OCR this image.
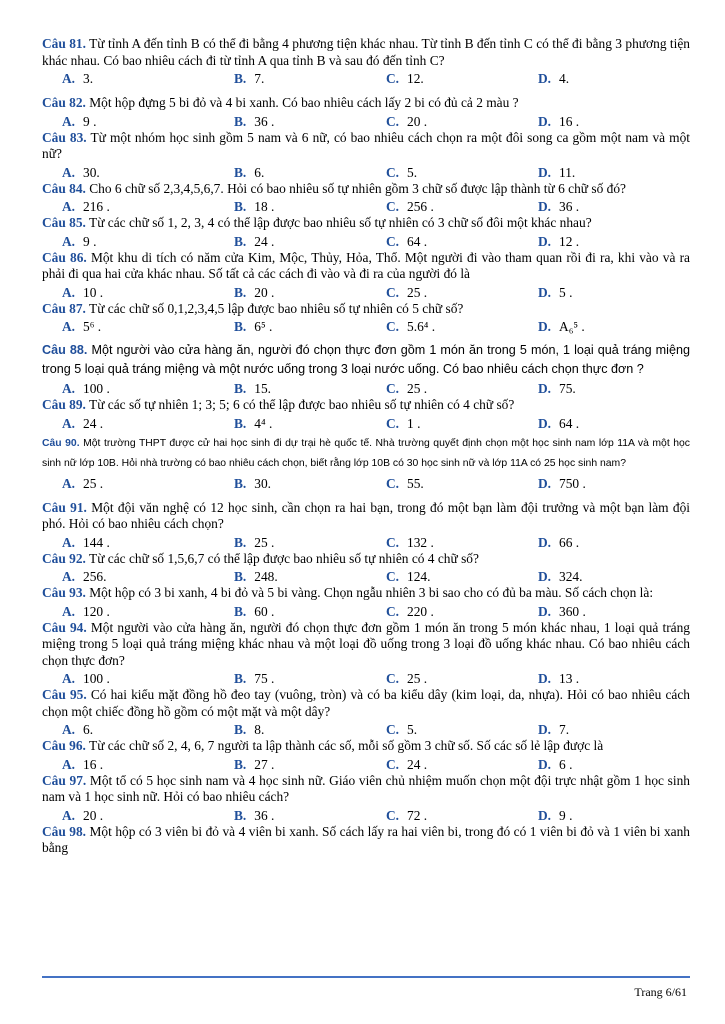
Câu 81. Từ tỉnh A đến tỉnh B có thể đi bằng 4 phương tiện khác nhau. Từ tỉnh B đến tỉnh C có thể đi bằng 3 phương tiện khác nhau. Có bao nhiêu cách đi từ tỉnh A qua tỉnh B và sau đó đến tỉnh C?
A. 3.	B. 7.	C. 12.	D. 4.
Câu 82. Một hộp đựng 5 bi đỏ và 4 bi xanh. Có bao nhiêu cách lấy 2 bi có đủ cả 2 màu ?
A. 9 .	B. 36 .	C. 20 .	D. 16 .
Câu 83. Từ một nhóm học sinh gồm 5 nam và 6 nữ, có bao nhiêu cách chọn ra một đôi song ca gồm một nam và một nữ?
A. 30.	B. 6.	C. 5.	D. 11.
Câu 84. Cho 6 chữ số 2,3,4,5,6,7. Hỏi có bao nhiêu số tự nhiên gồm 3 chữ số được lập thành từ 6 chữ số đó?
A. 216 .	B. 18 .	C. 256 .	D. 36 .
Câu 85. Từ các chữ số 1, 2, 3, 4 có thể lập được bao nhiêu số tự nhiên có 3 chữ số đôi một khác nhau?
A. 9 .	B. 24 .	C. 64 .	D. 12 .
Câu 86. Một khu di tích có năm cửa Kim, Mộc, Thủy, Hỏa, Thổ. Một người đi vào tham quan rồi đi ra, khi vào và ra phải đi qua hai cửa khác nhau. Số tất cả các cách đi vào và đi ra của người đó là
A. 10 .	B. 20 .	C. 25 .	D. 5 .
Câu 87. Từ các chữ số 0,1,2,3,4,5 lập được bao nhiêu số tự nhiên có 5 chữ số?
A. 5⁶ .	B. 6⁵ .	C. 5.6⁴ .	D. A₆⁵ .
Câu 88. Một người vào cửa hàng ăn, người đó chọn thực đơn gồm 1 món ăn trong 5 món, 1 loại quả tráng miệng trong 5 loại quả tráng miệng và một nước uống trong 3 loại nước uống. Có bao nhiêu cách chọn thực đơn ?
A. 100 .	B. 15.	C. 25 .	D. 75.
Câu 89. Từ các số tự nhiên 1; 3; 5; 6 có thể lập được bao nhiêu số tự nhiên có 4 chữ số?
A. 24 .	B. 4⁴ .	C. 1 .	D. 64 .
Câu 90. Một trường THPT được cử hai học sinh đi dự trại hè quốc tế. Nhà trường quyết định chọn một học sinh nam lớp 11A và một học sinh nữ lớp 10B. Hỏi nhà trường có bao nhiêu cách chọn, biết rằng lớp 10B có 30 học sinh nữ và lớp 11A có 25 học sinh nam?
A. 25 .	B. 30.	C. 55.	D. 750 .
Câu 91. Một đội văn nghệ có 12 học sinh, cần chọn ra hai bạn, trong đó một bạn làm đội trưởng và một bạn làm đội phó. Hỏi có bao nhiêu cách chọn?
A. 144 .	B. 25 .	C. 132 .	D. 66 .
Câu 92. Từ các chữ số 1,5,6,7 có thể lập được bao nhiêu số tự nhiên có 4 chữ số?
A. 256.	B. 248.	C. 124.	D. 324.
Câu 93. Một hộp có 3 bi xanh, 4 bi đỏ và 5 bi vàng. Chọn ngẫu nhiên 3 bi sao cho có đủ ba màu. Số cách chọn là:
A. 120 .	B. 60 .	C. 220 .	D. 360 .
Câu 94. Một người vào cửa hàng ăn, người đó chọn thực đơn gồm 1 món ăn trong 5 món khác nhau, 1 loại quả tráng miệng trong 5 loại quả tráng miệng khác nhau và một loại đồ uống trong 3 loại đồ uống khác nhau. Có bao nhiêu cách chọn thực đơn?
A. 100 .	B. 75 .	C. 25 .	D. 13 .
Câu 95. Có hai kiểu mặt đồng hồ đeo tay (vuông, tròn) và có ba kiểu dây (kim loại, da, nhựa). Hỏi có bao nhiêu cách chọn một chiếc đồng hồ gồm có một mặt và một dây?
A. 6.	B. 8.	C. 5.	D. 7.
Câu 96. Từ các chữ số 2, 4, 6, 7 người ta lập thành các số, mỗi số gồm 3 chữ số. Số các số lẻ lập được là
A. 16 .	B. 27 .	C. 24 .	D. 6 .
Câu 97. Một tổ có 5 học sinh nam và 4 học sinh nữ. Giáo viên chủ nhiệm muốn chọn một đội trực nhật gồm 1 học sinh nam và 1 học sinh nữ. Hỏi có bao nhiêu cách?
A. 20 .	B. 36 .	C. 72 .	D. 9 .
Câu 98. Một hộp có 3 viên bi đỏ và 4 viên bi xanh. Số cách lấy ra hai viên bi, trong đó có 1 viên bi đỏ và 1 viên bi xanh bằng
Trang 6/61
